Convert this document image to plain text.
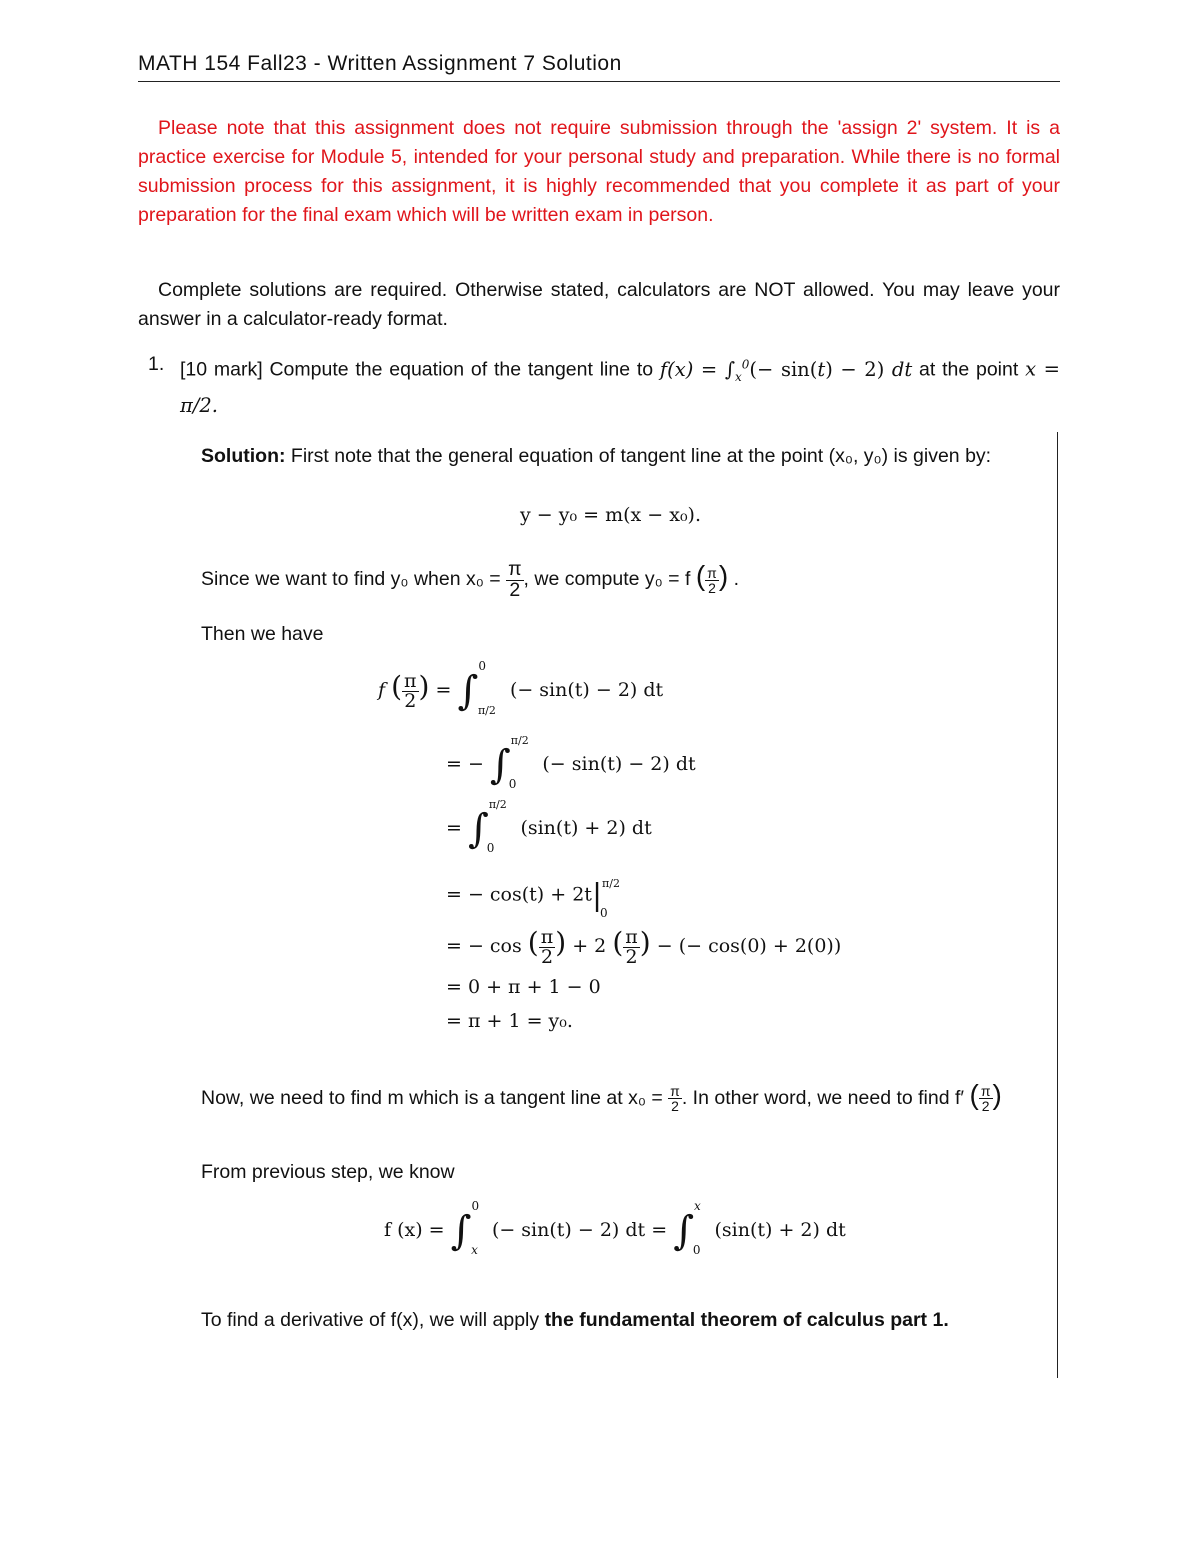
MATH 154 Fall23 - Written Assignment 7 Solution
Please note that this assignment does not require submission through the 'assign 2' system. It is a practice exercise for Module 5, intended for your personal study and preparation. While there is no formal submission process for this assignment, it is highly recommended that you complete it as part of your preparation for the final exam which will be written exam in person.
Complete solutions are required. Otherwise stated, calculators are NOT allowed. You may leave your answer in a calculator-ready format.
1. [10 mark] Compute the equation of the tangent line to $f(x) = \int_x^0(- \sin(t) - 2)$ dt at the point x = π/2.
Solution: First note that the general equation of tangent line at the point (x₀, y₀) is given by:
y − y₀ = m(x − x₀).
Since we want to find y₀ when $x_0 = \frac{\pi}{2}$ , we compute y₀ = f ( $\frac{\pi}{2}$ ) .
Then we have
f ( $\frac{\pi}{2}$ ) = ∫$^0_{\pi/2}$ (− sin(t) − 2) dt
= − ∫$^{\pi/2}_0$ (− sin(t) − 2) dt
= ∫$^{\pi/2}_0$ (sin(t) + 2) dt
= − $\cos(t) + 2t|^{\pi/2}_0$
= − cos ( $\frac{\pi}{2}$ ) + 2 ( $\frac{\pi}{2}$ ) − (− cos(0) + 2(0))
= 0 + π + 1 − 0
= π + 1 = y₀.
Now, we need to find m which is a tangent line at $x_0 = \frac{\pi}{2}$ . In other word, we need to find f′ ( $\frac{\pi}{2}$ )
From previous step, we know
f (x) = ∫$^0_x$ (− sin(t) − 2) dt = ∫$^x_0$ (sin(t) + 2) dt
To find a derivative of f(x), we will apply the fundamental theorem of calculus part 1.
